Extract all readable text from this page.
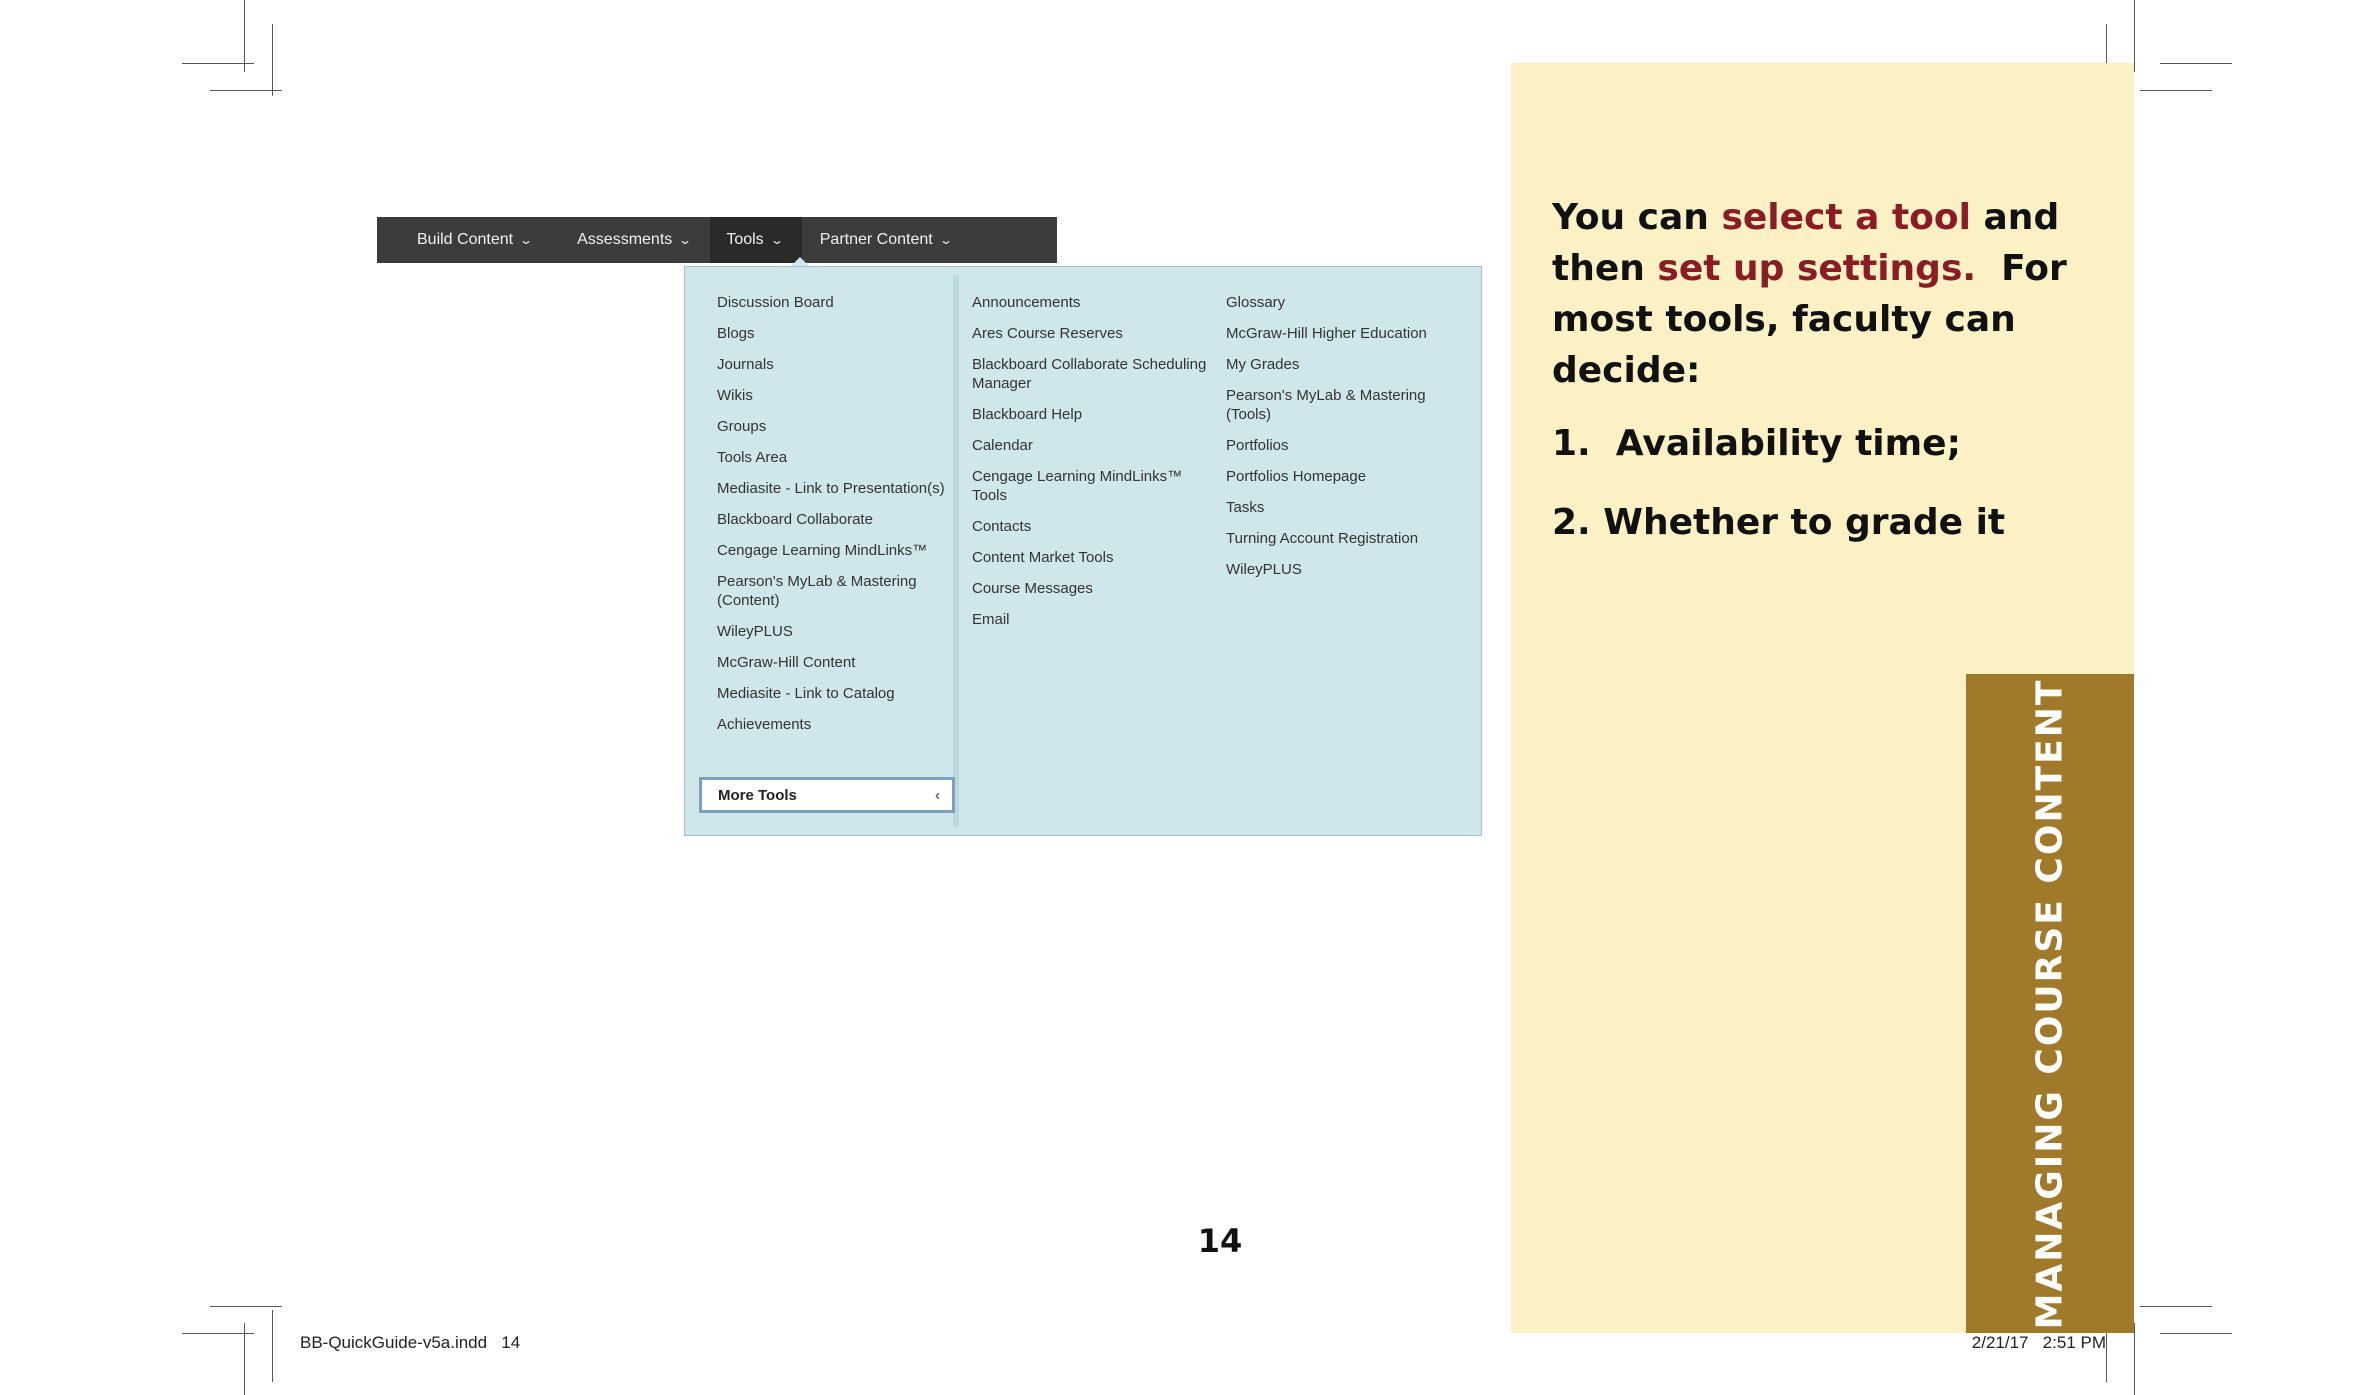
Build Content ⌄	Assessments ⌄ Tools ⌄ Partner Content ⌄
Discussion Board
Blogs
Journals
Wikis
Groups
Tools Area
Mediasite - Link to Presentation(s)
Blackboard Collaborate
Cengage Learning MindLinks™
Pearson's MyLab & Mastering (Content)
WileyPLUS
McGraw-Hill Content
Mediasite - Link to Catalog
Achievements
Announcements
Ares Course Reserves
Blackboard Collaborate Scheduling Manager
Blackboard Help
Calendar
Cengage Learning MindLinks™ Tools
Contacts
Content Market Tools
Course Messages
Email
Glossary
McGraw-Hill Higher Education
My Grades
Pearson's MyLab & Mastering (Tools)
Portfolios
Portfolios Homepage
Tasks
Turning Account Registration
WileyPLUS
More Tools	‹

You can select a tool and then set up settings.  For most tools, faculty can decide:

1.  Availability time;
2. Whether to grade it
MANAGING COURSE CONTENT
14
BB-QuickGuide-v5a.indd   14	2/21/17   2:51 PM
